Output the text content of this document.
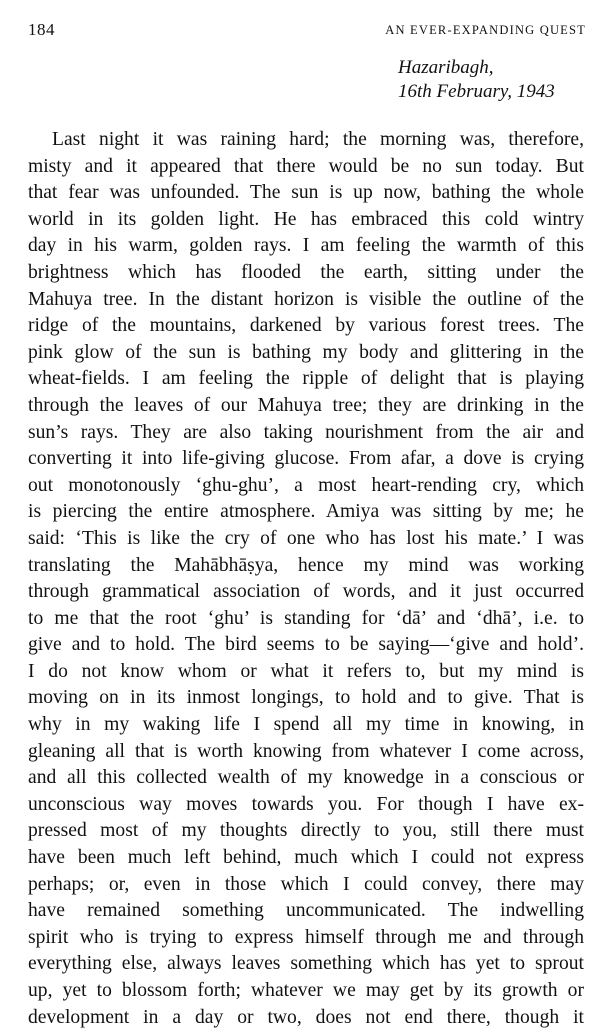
184	AN EVER-EXPANDING QUEST
Hazaribagh,
16th February, 1943
Last night it was raining hard; the morning was, therefore,
misty and it appeared that there would be no sun today. But
that fear was unfounded. The sun is up now, bathing the whole
world in its golden light. He has embraced this cold wintry
day in his warm, golden rays. I am feeling the warmth of this
brightness which has flooded the earth, sitting under the
Mahuya tree. In the distant horizon is visible the outline of the
ridge of the mountains, darkened by various forest trees. The
pink glow of the sun is bathing my body and glittering in the
wheat-fields. I am feeling the ripple of delight that is playing
through the leaves of our Mahuya tree; they are drinking in the
sun’s rays. They are also taking nourishment from the air and
converting it into life-giving glucose. From afar, a dove is crying
out monotonously ‘ghu-ghu’, a most heart-rending cry, which
is piercing the entire atmosphere. Amiya was sitting by me; he
said: ‘This is like the cry of one who has lost his mate.’ I was
translating the Mahābhāṣya, hence my mind was working
through grammatical association of words, and it just occurred
to me that the root ‘ghu’ is standing for ‘dā’ and ‘dhā’, i.e. to
give and to hold. The bird seems to be saying—‘give and hold’.
I do not know whom or what it refers to, but my mind is
moving on in its inmost longings, to hold and to give. That is
why in my waking life I spend all my time in knowing, in
gleaning all that is worth knowing from whatever I come across,
and all this collected wealth of my knowedge in a conscious or
unconscious way moves towards you. For though I have ex-
pressed most of my thoughts directly to you, still there must
have been much left behind, much which I could not express
perhaps; or, even in those which I could convey, there may
have remained something uncommunicated. The indwelling
spirit who is trying to express himself through me and through
everything else, always leaves something which has yet to sprout
up, yet to blossom forth; whatever we may get by its growth or
development in a day or two, does not end there, though it
